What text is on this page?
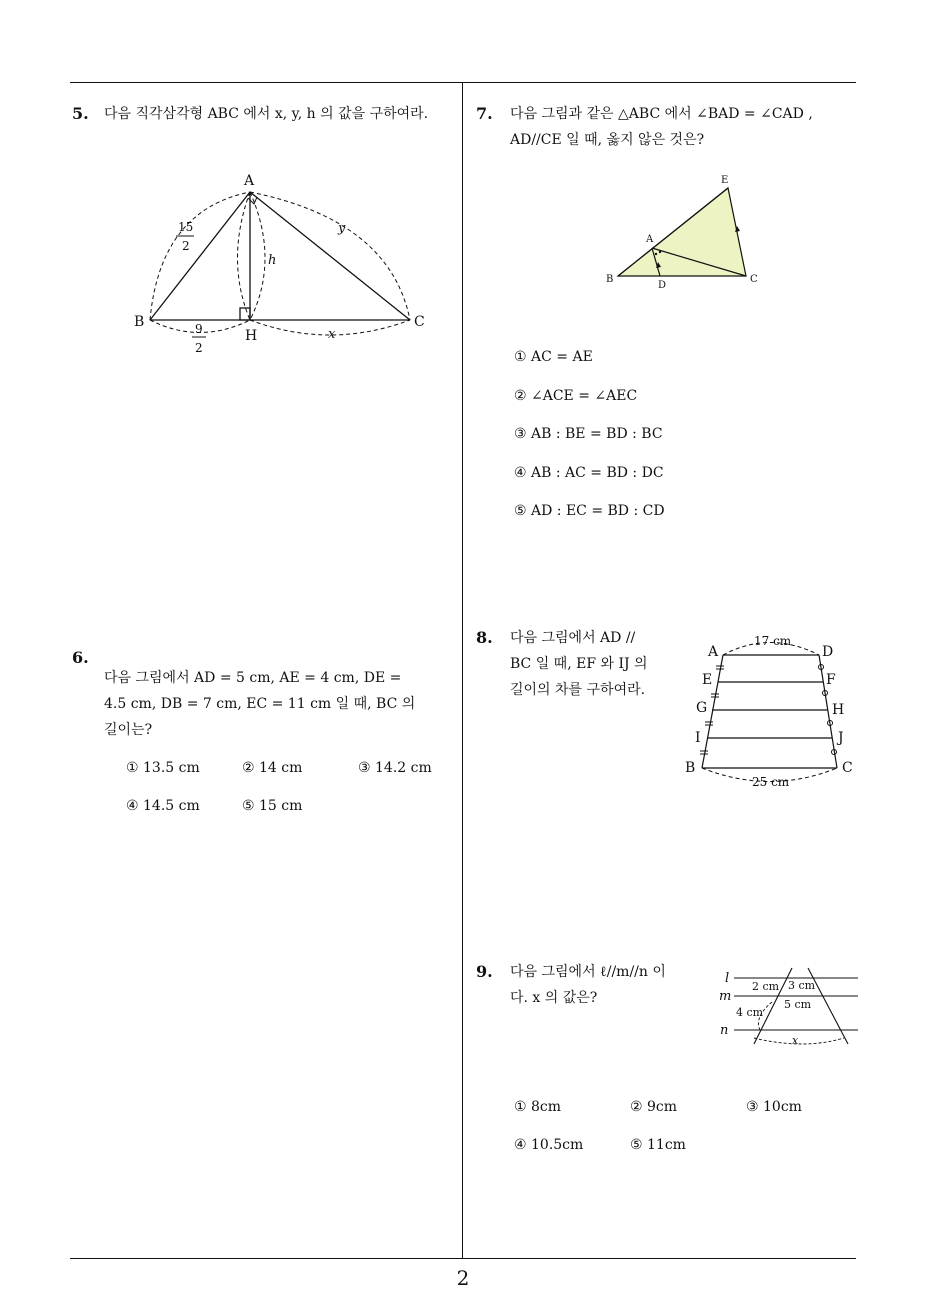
5. 다음 직각삼각형 ABC 에서 x, y, h 의 값을 구하여라.
A
B	C
H
y
h
x
15
2
9
2
6.
다음 그림에서 AD = 5 cm, AE = 4 cm, DE =
4.5 cm, DB = 7 cm, EC = 11 cm 일 때, BC 의
길이는?
① 13.5 cm	② 14 cm	③ 14.2 cm
④ 14.5 cm	⑤ 15 cm
7. 다음 그림과 같은 △ABC 에서 ∠BAD = ∠CAD ,
AD//CE 일 때, 옳지 않은 것은?
A
B	C
D
E
① AC = AE
② ∠ACE = ∠AEC
③ AB : BE = BD : BC
④ AB : AC = BD : DC
⑤ AD : EC = BD : CD
8. 다음 그림에서 AD //
BC 일 때, EF 와 IJ 의
길이의 차를 구하여라.
17 cm
25 cm
A	D
E	F
G	H
I	J
B	C
9. 다음 그림에서 ℓ//m//n 이
다. x 의 값은?
l
m
n
2 cm 3 cm
5 cm
4 cm
x
① 8cm	② 9cm	③ 10cm
④ 10.5cm	⑤ 11cm
2
